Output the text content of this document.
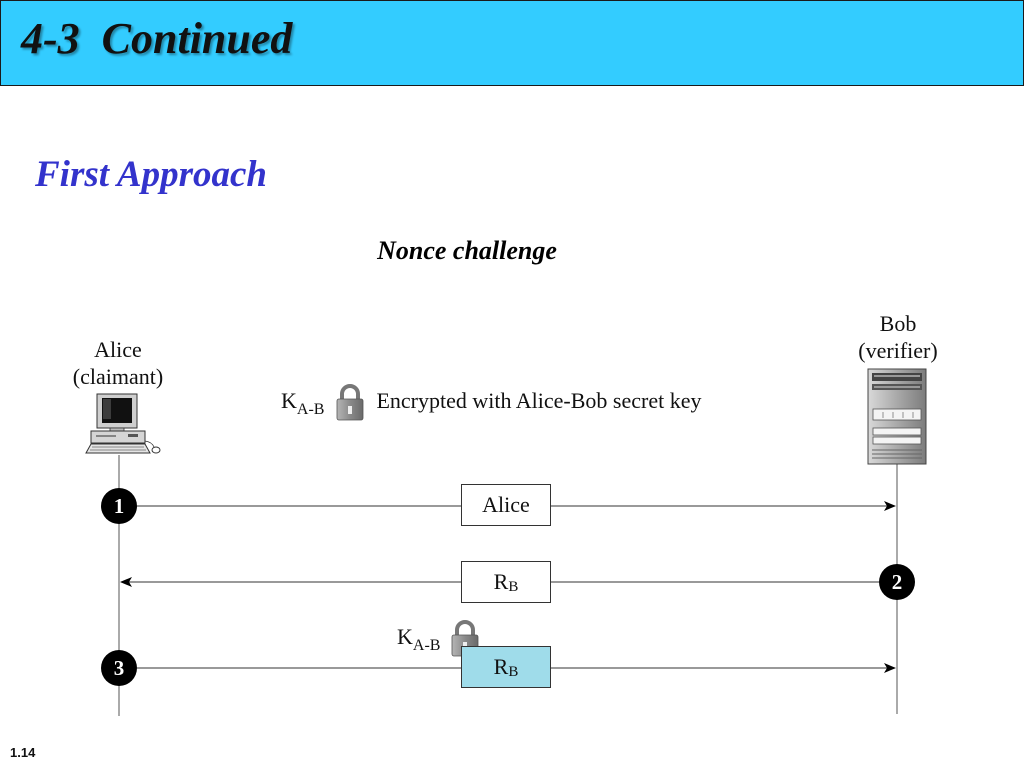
4-3  Continued
First Approach
Nonce challenge
Alice
(claimant)
Bob
(verifier)
1
2
3
$K_{A-B}$ Encrypted with Alice-Bob secret key
Alice
R B
$K_{A-B}$
R B
1.14
